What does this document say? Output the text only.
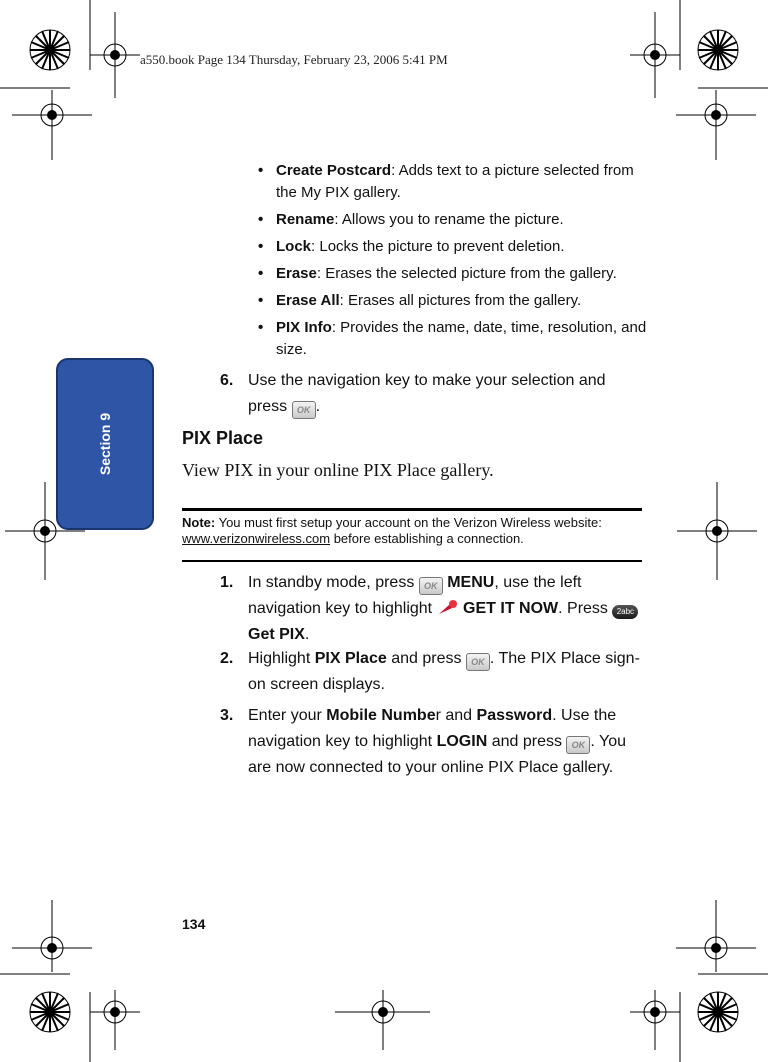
a550.book Page 134 Thursday, February 23, 2006 5:41 PM
Section 9
• Create Postcard: Adds text to a picture selected from the My PIX gallery.
• Rename: Allows you to rename the picture.
• Lock: Locks the picture to prevent deletion.
• Erase: Erases the selected picture from the gallery.
• Erase All: Erases all pictures from the gallery.
• PIX Info: Provides the name, date, time, resolution, and size.
6. Use the navigation key to make your selection and press OK .
PIX Place
View PIX in your online PIX Place gallery.
Note: You must first setup your account on the Verizon Wireless website: www.verizonwireless.com before establishing a connection.
1. In standby mode, press OK MENU, use the left navigation key to highlight  GET IT NOW. Press 2abc Get PIX.
2. Highlight PIX Place and press OK . The PIX Place sign-on screen displays.
3. Enter your Mobile Number and Password. Use the navigation key to highlight LOGIN and press OK . You are now connected to your online PIX Place gallery.
134
